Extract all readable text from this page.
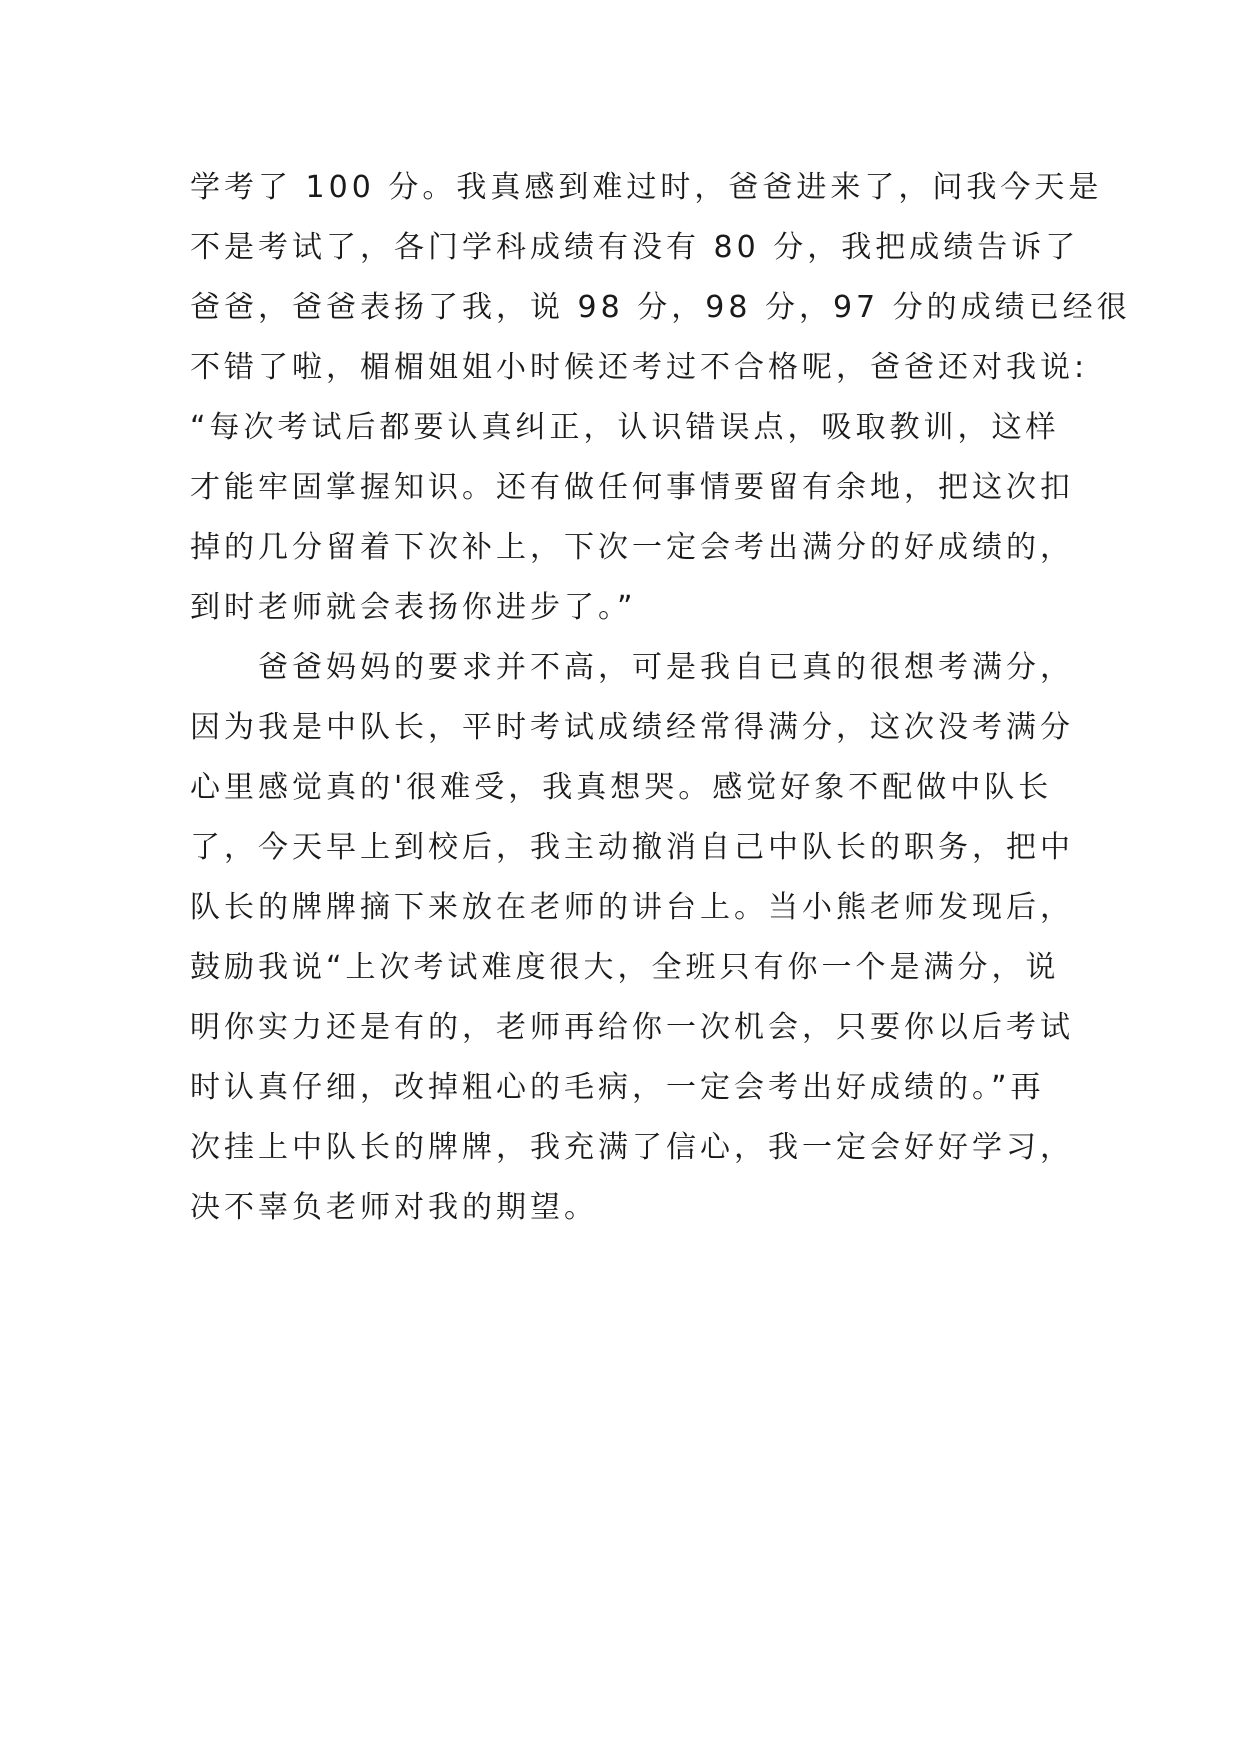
学考了 100 分。我真感到难过时，爸爸进来了，问我今天是
不是考试了，各门学科成绩有没有 80 分，我把成绩告诉了
爸爸，爸爸表扬了我，说 98 分，98 分，97 分的成绩已经很
不错了啦，楣楣姐姐小时候还考过不合格呢，爸爸还对我说:
“每次考试后都要认真纠正，认识错误点，吸取教训，这样
才能牢固掌握知识。还有做任何事情要留有余地，把这次扣
掉的几分留着下次补上，下次一定会考出满分的好成绩的，
到时老师就会表扬你进步了。”
爸爸妈妈的要求并不高，可是我自已真的很想考满分，
因为我是中队长，平时考试成绩经常得满分，这次没考满分
心里感觉真的'很难受，我真想哭。感觉好象不配做中队长
了，今天早上到校后，我主动撤消自己中队长的职务，把中
队长的牌牌摘下来放在老师的讲台上。当小熊老师发现后，
鼓励我说“上次考试难度很大，全班只有你一个是满分，说
明你实力还是有的，老师再给你一次机会，只要你以后考试
时认真仔细，改掉粗心的毛病，一定会考出好成绩的。”再
次挂上中队长的牌牌，我充满了信心，我一定会好好学习，
决不辜负老师对我的期望。
